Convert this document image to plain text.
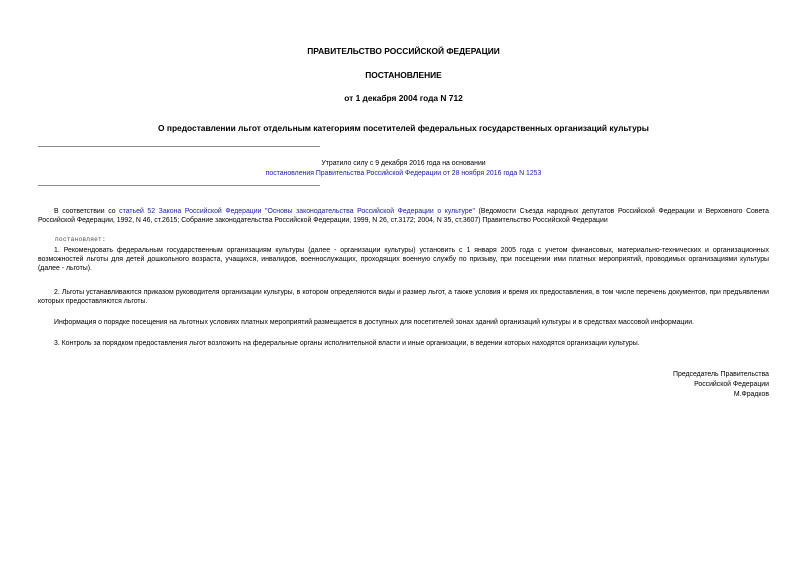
ПРАВИТЕЛЬСТВО РОССИЙСКОЙ ФЕДЕРАЦИИ
ПОСТАНОВЛЕНИЕ
от 1 декабря 2004 года N 712
О предоставлении льгот отдельным категориям посетителей федеральных государственных организаций культуры
Утратило силу с 9 декабря 2016 года на основании
постановления Правительства Российской Федерации от 28 ноября 2016 года N 1253
В соответствии со статьей 52 Закона Российской Федерации "Основы законодательства Российской Федерации о культуре" (Ведомости Съезда народных депутатов Российской Федерации и Верховного Совета Российской Федерации, 1992, N 46, ст.2615; Собрание законодательства Российской Федерации, 1999, N 26, ст.3172; 2004, N 35, ст.3607) Правительство Российской Федерации
постановляет:
1. Рекомендовать федеральным государственным организациям культуры (далее - организации культуры) установить с 1 января 2005 года с учетом финансовых, материально-технических и организационных возможностей льготы для детей дошкольного возраста, учащихся, инвалидов, военнослужащих, проходящих военную службу по призыву, при посещении ими платных мероприятий, проводимых организациями культуры (далее - льготы).
2. Льготы устанавливаются приказом руководителя организации культуры, в котором определяются виды и размер льгот, а также условия и время их предоставления, в том числе перечень документов, при предъявлении которых предоставляются льготы.
Информация о порядке посещения на льготных условиях платных мероприятий размещается в доступных для посетителей зонах зданий организаций культуры и в средствах массовой информации.
3. Контроль за порядком предоставления льгот возложить на федеральные органы исполнительной власти и иные организации, в ведении которых находятся организации культуры.
Председатель Правительства
Российской Федерации
М.Фрадков
